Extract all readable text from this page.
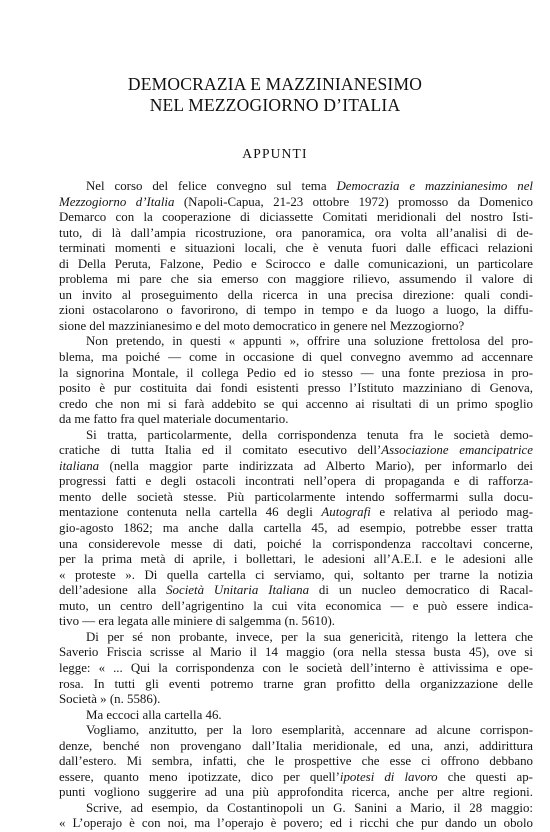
DEMOCRAZIA E MAZZINIANESIMO
NEL MEZZOGIORNO D’ITALIA
APPUNTI
Nel corso del felice convegno sul tema Democrazia e mazzinianesimo nel
Mezzogiorno d’Italia (Napoli-Capua, 21-23 ottobre 1972) promosso da Domenico
Demarco con la cooperazione di diciassette Comitati meridionali del nostro Isti-
tuto, di là dall’ampia ricostruzione, ora panoramica, ora volta all’analisi di de-
terminati momenti e situazioni locali, che è venuta fuori dalle efficaci relazioni
di Della Peruta, Falzone, Pedio e Scirocco e dalle comunicazioni, un particolare
problema mi pare che sia emerso con maggiore rilievo, assumendo il valore di
un invito al proseguimento della ricerca in una precisa direzione: quali condi-
zioni ostacolarono o favorirono, di tempo in tempo e da luogo a luogo, la diffu-
sione del mazzinianesimo e del moto democratico in genere nel Mezzogiorno?
Non pretendo, in questi « appunti », offrire una soluzione frettolosa del pro-
blema, ma poiché — come in occasione di quel convegno avemmo ad accennare
la signorina Montale, il collega Pedio ed io stesso — una fonte preziosa in pro-
posito è pur costituita dai fondi esistenti presso l’Istituto mazziniano di Genova,
credo che non mi si farà addebito se qui accenno ai risultati di un primo spoglio
da me fatto fra quel materiale documentario.
Si tratta, particolarmente, della corrispondenza tenuta fra le società demo-
cratiche di tutta Italia ed il comitato esecutivo dell’Associazione emancipatrice
italiana (nella maggior parte indirizzata ad Alberto Mario), per informarlo dei
progressi fatti e degli ostacoli incontrati nell’opera di propaganda e di rafforza-
mento delle società stesse. Più particolarmente intendo soffermarmi sulla docu-
mentazione contenuta nella cartella 46 degli Autografi e relativa al periodo mag-
gio-agosto 1862; ma anche dalla cartella 45, ad esempio, potrebbe esser tratta
una considerevole messe di dati, poiché la corrispondenza raccoltavi concerne,
per la prima metà di aprile, i bollettari, le adesioni all’A.E.I. e le adesioni alle
« proteste ». Di quella cartella ci serviamo, qui, soltanto per trarne la notizia
dell’adesione alla Società Unitaria Italiana di un nucleo democratico di Racal-
muto, un centro dell’agrigentino la cui vita economica — e può essere indica-
tivo — era legata alle miniere di salgemma (n. 5610).
Di per sé non probante, invece, per la sua genericità, ritengo la lettera che
Saverio Friscia scrisse al Mario il 14 maggio (ora nella stessa busta 45), ove si
legge: « ... Qui la corrispondenza con le società dell’interno è attivissima e ope-
rosa. In tutti gli eventi potremo trarne gran profitto della organizzazione delle
Società » (n. 5586).
Ma eccoci alla cartella 46.
Vogliamo, anzitutto, per la loro esemplarità, accennare ad alcune corrispon-
denze, benché non provengano dall’Italia meridionale, ed una, anzi, addirittura
dall’estero. Mi sembra, infatti, che le prospettive che esse ci offrono debbano
essere, quanto meno ipotizzate, dico per quell’ipotesi di lavoro che questi ap-
punti vogliono suggerire ad una più approfondita ricerca, anche per altre regioni.
Scrive, ad esempio, da Costantinopoli un G. Sanini a Mario, il 28 maggio:
« L’operajo è con noi, ma l’operajo è povero; ed i ricchi che pur dando un obolo
